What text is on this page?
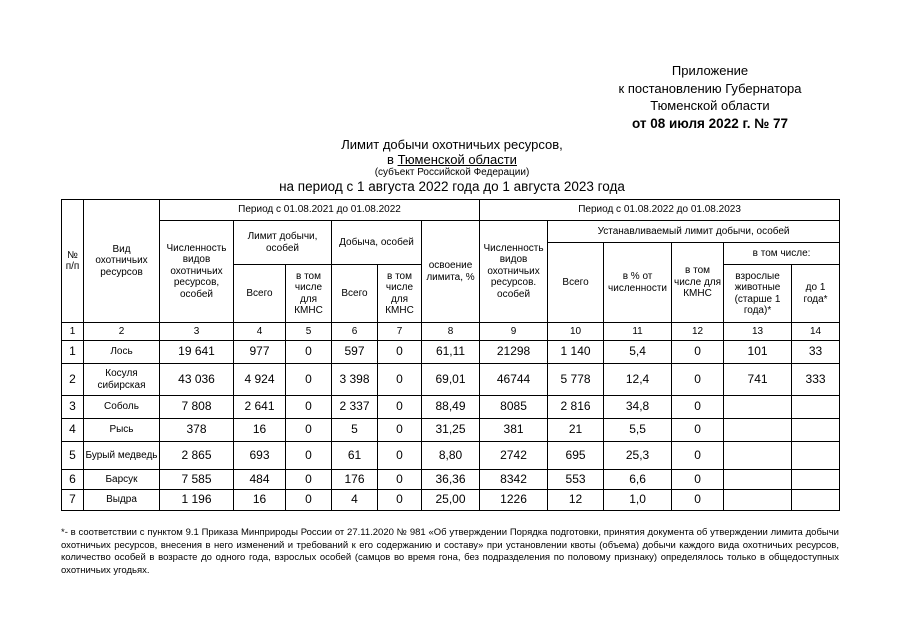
Приложение
к постановлению Губернатора
Тюменской области
от 08 июля 2022 г. № 77
Лимит добычи охотничьих ресурсов,
в Тюменской области
(субъект Российской Федерации)
на период с 1 августа 2022 года до 1 августа 2023 года
№ п/п	Вид охотничьих ресурсов	Период с 01.08.2021 до 01.08.2022						Период с 01.08.2022 до 01.08.2023					
		Численность видов охотничьих ресурсов, особей	Лимит добычи, особей		Добыча, особей		освоение лимита, %	Численность видов охотничьих ресурсов. особей	Устанавливаемый лимит добычи, особей				
									Всего	в % от численности	в том числе для КМНС	в том числе:	
			Всего	в том числе для КМНС	Всего	в том числе для КМНС						взрослые животные (старше 1 года)*	до 1 года*
1	2	3	4	5	6	7	8	9	10	11	12	13	14
1	Лось	19 641	977	0	597	0	61,11	21298	1 140	5,4	0	101	33
2	Косуля сибирская	43 036	4 924	0	3 398	0	69,01	46744	5 778	12,4	0	741	333
3	Соболь	7 808	2 641	0	2 337	0	88,49	8085	2 816	34,8	0		
4	Рысь	378	16	0	5	0	31,25	381	21	5,5	0		
5	Бурый медведь	2 865	693	0	61	0	8,80	2742	695	25,3	0		
6	Барсук	7 585	484	0	176	0	36,36	8342	553	6,6	0		
7	Выдра	1 196	16	0	4	0	25,00	1226	12	1,0	0		
*- в соответствии с пунктом 9.1 Приказа Минприроды России от 27.11.2020 № 981 «Об утверждении Порядка подготовки, принятия документа об утверждении лимита добычи охотничьих ресурсов, внесения в него изменений и требований к его содержанию и составу» при установлении квоты (объема) добычи каждого вида охотничьих ресурсов, количество особей в возрасте до одного года, взрослых особей (самцов во время гона, без подразделения по половому признаку) определялось только в общедоступных охотничьих угодьях.
